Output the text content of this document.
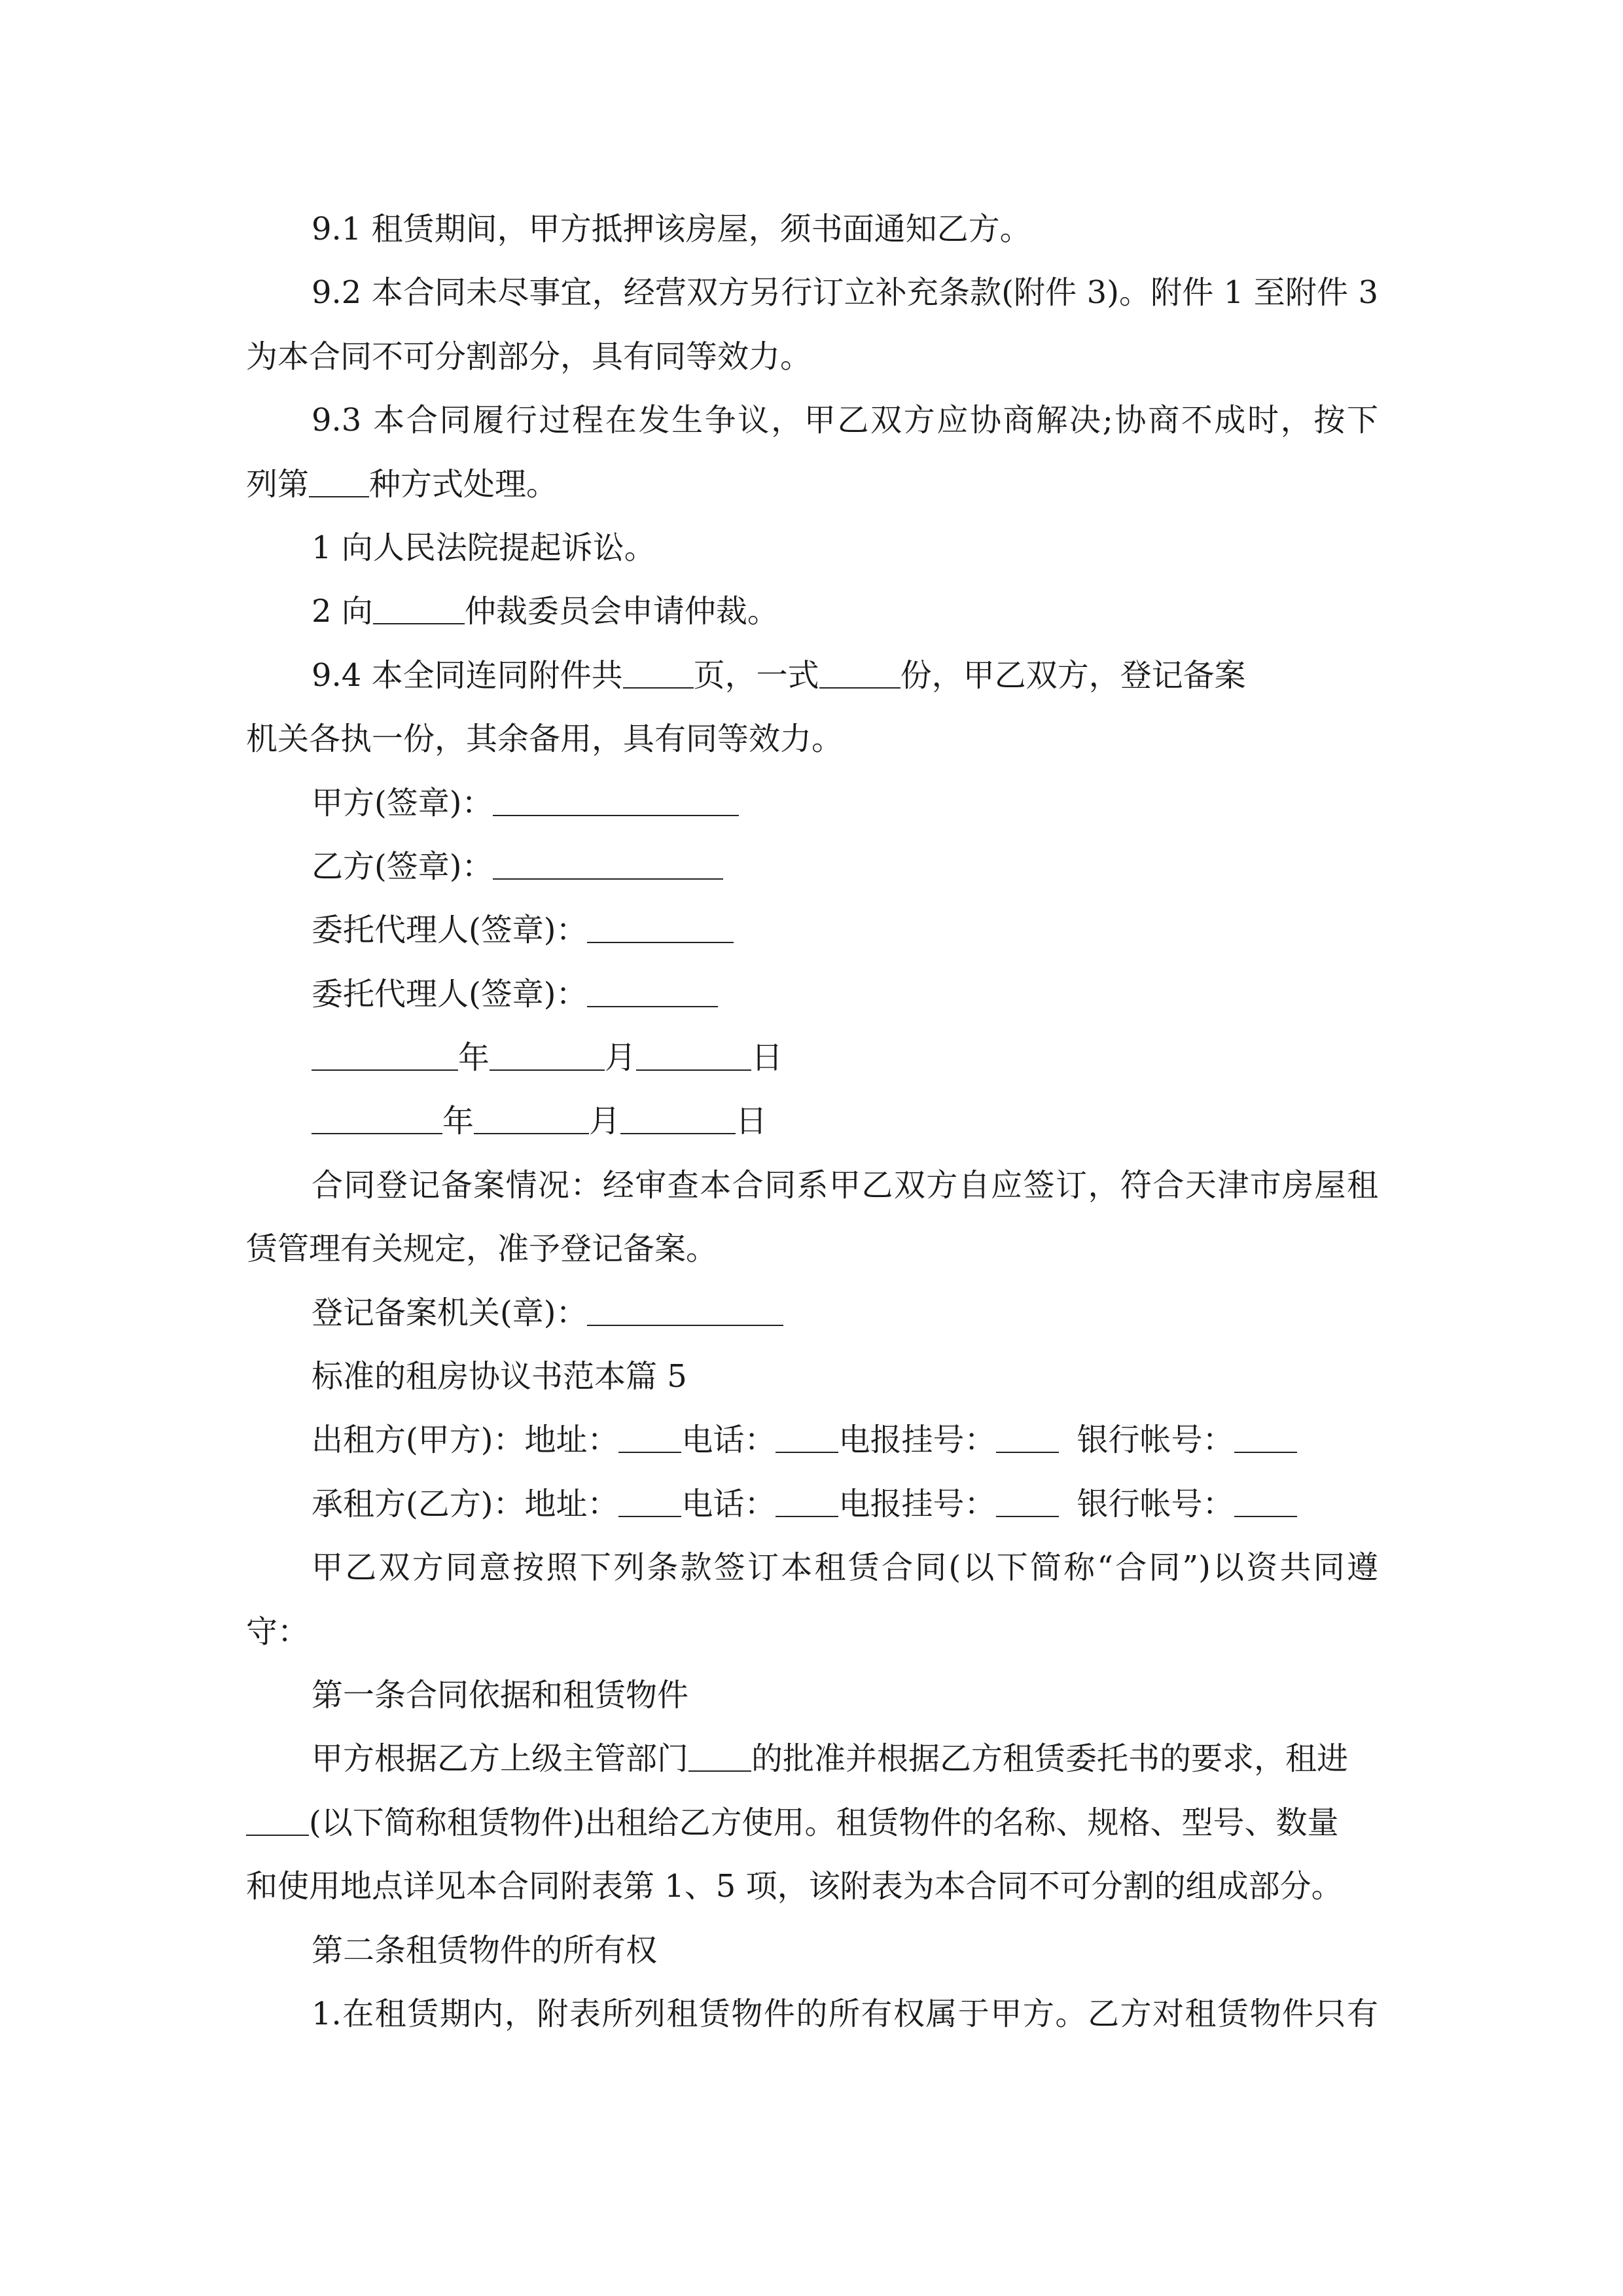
9.1 租赁期间，甲方抵押该房屋，须书面通知乙方。
9.2 本合同未尽事宜，经营双方另行订立补充条款(附件 3)。附件 1 至附件 3
为本合同不可分割部分，具有同等效力。
9.3 本合同履行过程在发生争议，甲乙双方应协商解决;协商不成时，按下
列第 种方式处理。
1 向人民法院提起诉讼。
2 向	仲裁委员会申请仲裁。
9.4 本全同连同附件共 页，一式	份，甲乙双方，登记备案
机关各执一份，其余备用，具有同等效力。
甲方(签章)：
乙方(签章)：
委托代理人(签章)：
委托代理人(签章)：
年	月	日
年	月	日
合同登记备案情况：经审查本合同系甲乙双方自应签订，符合天津市房屋租
赁管理有关规定，准予登记备案。
登记备案机关(章)：
标准的租房协议书范本篇 5
出租方(甲方)：地址： 电话： 电报挂号：	银行帐号：
承租方(乙方)：地址： 电话： 电报挂号：	银行帐号：
甲乙双方同意按照下列条款签订本租赁合同(以下简称“合同”)以资共同遵
守：
第一条合同依据和租赁物件
甲方根据乙方上级主管部门 的批准并根据乙方租赁委托书的要求，租进
(以下简称租赁物件)出租给乙方使用。租赁物件的名称、规格、型号、数量
和使用地点详见本合同附表第 1、5 项，该附表为本合同不可分割的组成部分。
第二条租赁物件的所有权
1.在租赁期内，附表所列租赁物件的所有权属于甲方。乙方对租赁物件只有
